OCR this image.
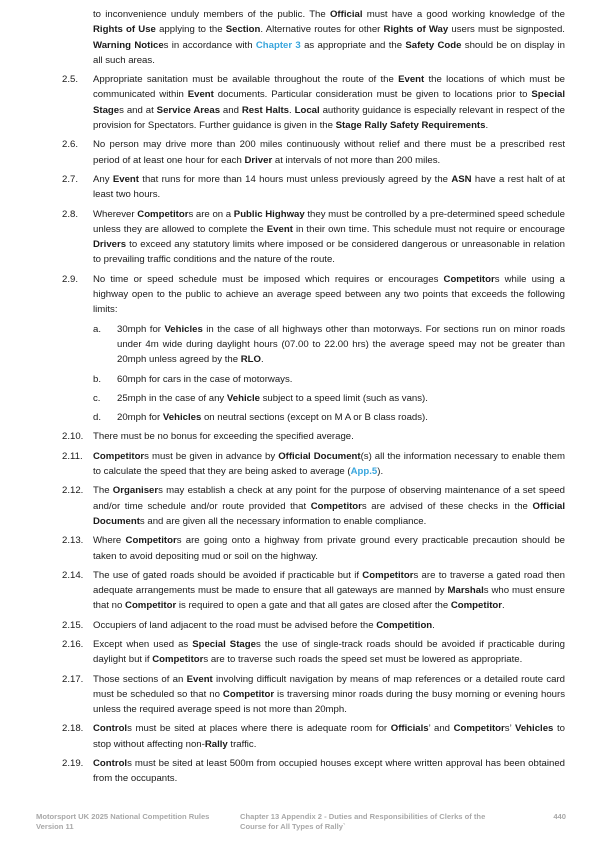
to inconvenience unduly members of the public. The Official must have a good working knowledge of the Rights of Use applying to the Section. Alternative routes for other Rights of Way users must be signposted. Warning Notices in accordance with Chapter 3 as appropriate and the Safety Code should be on display in all such areas.
2.5. Appropriate sanitation must be available throughout the route of the Event the locations of which must be communicated within Event documents. Particular consideration must be given to locations prior to Special Stages and at Service Areas and Rest Halts. Local authority guidance is especially relevant in respect of the provision for Spectators. Further guidance is given in the Stage Rally Safety Requirements.
2.6. No person may drive more than 200 miles continuously without relief and there must be a prescribed rest period of at least one hour for each Driver at intervals of not more than 200 miles.
2.7. Any Event that runs for more than 14 hours must unless previously agreed by the ASN have a rest halt of at least two hours.
2.8. Wherever Competitors are on a Public Highway they must be controlled by a pre-determined speed schedule unless they are allowed to complete the Event in their own time. This schedule must not require or encourage Drivers to exceed any statutory limits where imposed or be considered dangerous or unreasonable in relation to prevailing traffic conditions and the nature of the route.
2.9. No time or speed schedule must be imposed which requires or encourages Competitors while using a highway open to the public to achieve an average speed between any two points that exceeds the following limits:
a. 30mph for Vehicles in the case of all highways other than motorways. For sections run on minor roads under 4m wide during daylight hours (07.00 to 22.00 hrs) the average speed may not be greater than 20mph unless agreed by the RLO.
b. 60mph for cars in the case of motorways.
c. 25mph in the case of any Vehicle subject to a speed limit (such as vans).
d. 20mph for Vehicles on neutral sections (except on M A or B class roads).
2.10. There must be no bonus for exceeding the specified average.
2.11. Competitors must be given in advance by Official Document(s) all the information necessary to enable them to calculate the speed that they are being asked to average (App.5).
2.12. The Organisers may establish a check at any point for the purpose of observing maintenance of a set speed and/or time schedule and/or route provided that Competitors are advised of these checks in the Official Documents and are given all the necessary information to enable compliance.
2.13. Where Competitors are going onto a highway from private ground every practicable precaution should be taken to avoid depositing mud or soil on the highway.
2.14. The use of gated roads should be avoided if practicable but if Competitors are to traverse a gated road then adequate arrangements must be made to ensure that all gateways are manned by Marshals who must ensure that no Competitor is required to open a gate and that all gates are closed after the Competitor.
2.15. Occupiers of land adjacent to the road must be advised before the Competition.
2.16. Except when used as Special Stages the use of single-track roads should be avoided if practicable during daylight but if Competitors are to traverse such roads the speed set must be lowered as appropriate.
2.17. Those sections of an Event involving difficult navigation by means of map references or a detailed route card must be scheduled so that no Competitor is traversing minor roads during the busy morning or evening hours unless the required average speed is not more than 20mph.
2.18. Controls must be sited at places where there is adequate room for Officials’ and Competitors’ Vehicles to stop without affecting non-Rally traffic.
2.19. Controls must be sited at least 500m from occupied houses except where written approval has been obtained from the occupants.
Motorsport UK 2025 National Competition Rules
Version 11
Chapter 13 Appendix 2 - Duties and Responsibilities of Clerks of the
Course for All Types of Rally`
440
